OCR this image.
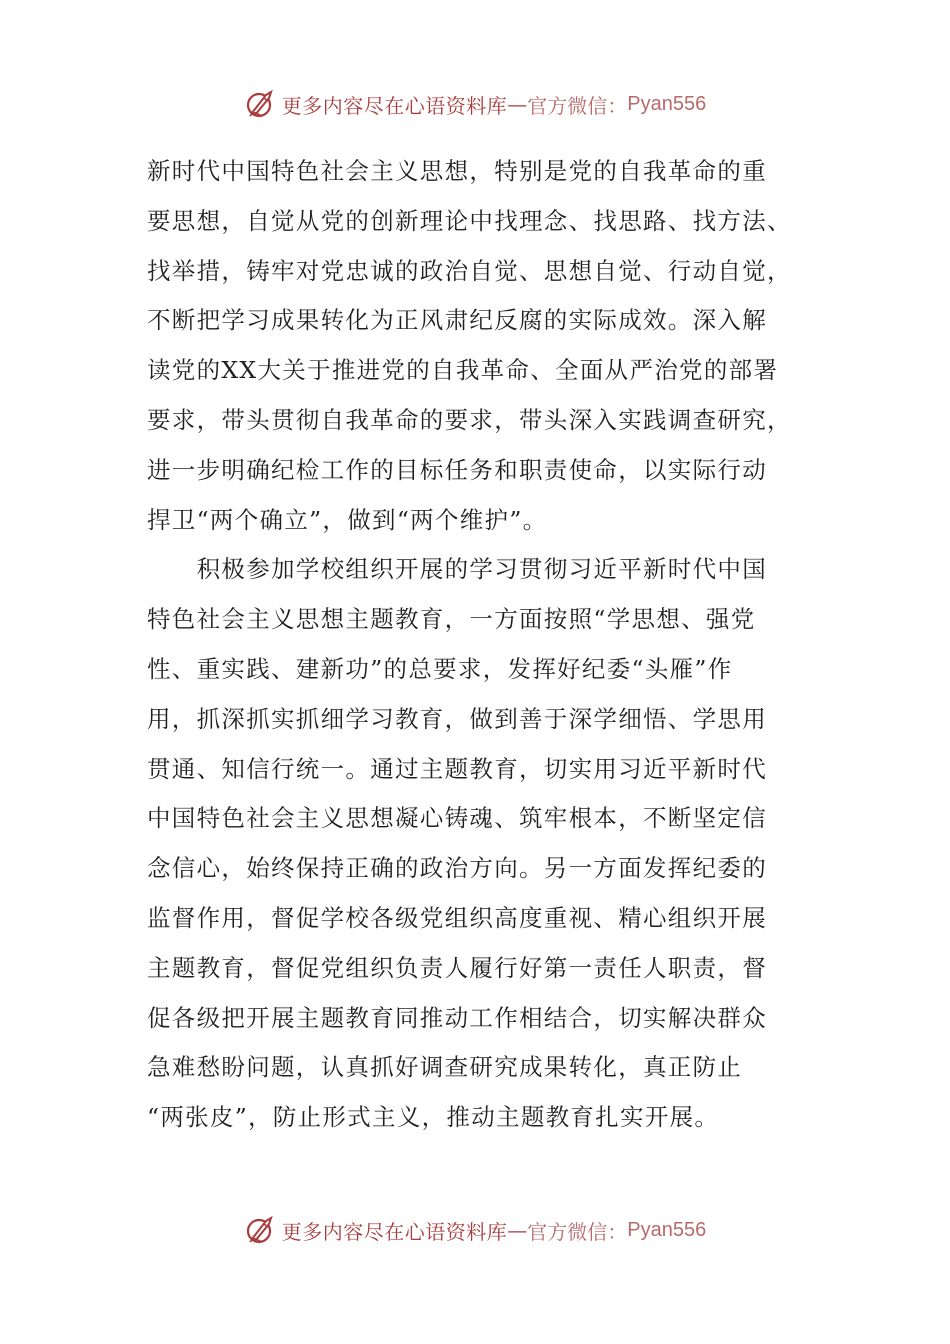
更多内容尽在心语资料库 — 官方微信： Pyan556
新时代中国特色社会主义思想，特别是党的自我革命的重
要思想，自觉从党的创新理论中找理念、找思路、找方法、
找举措，铸牢对党忠诚的政治自觉、思想自觉、行动自觉，
不断把学习成果转化为正风肃纪反腐的实际成效。深入解
读党的XX大关于推进党的自我革命、全面从严治党的部署
要求，带头贯彻自我革命的要求，带头深入实践调查研究，
进一步明确纪检工作的目标任务和职责使命，以实际行动
捍卫“两个确立”，做到“两个维护”。
　　积极参加学校组织开展的学习贯彻习近平新时代中国
特色社会主义思想主题教育，一方面按照“学思想、强党
性、重实践、建新功”的总要求，发挥好纪委“头雁”作
用，抓深抓实抓细学习教育，做到善于深学细悟、学思用
贯通、知信行统一。通过主题教育，切实用习近平新时代
中国特色社会主义思想凝心铸魂、筑牢根本，不断坚定信
念信心，始终保持正确的政治方向。另一方面发挥纪委的
监督作用，督促学校各级党组织高度重视、精心组织开展
主题教育，督促党组织负责人履行好第一责任人职责，督
促各级把开展主题教育同推动工作相结合，切实解决群众
急难愁盼问题，认真抓好调查研究成果转化，真正防止
“两张皮”，防止形式主义，推动主题教育扎实开展。
更多内容尽在心语资料库 — 官方微信： Pyan556
